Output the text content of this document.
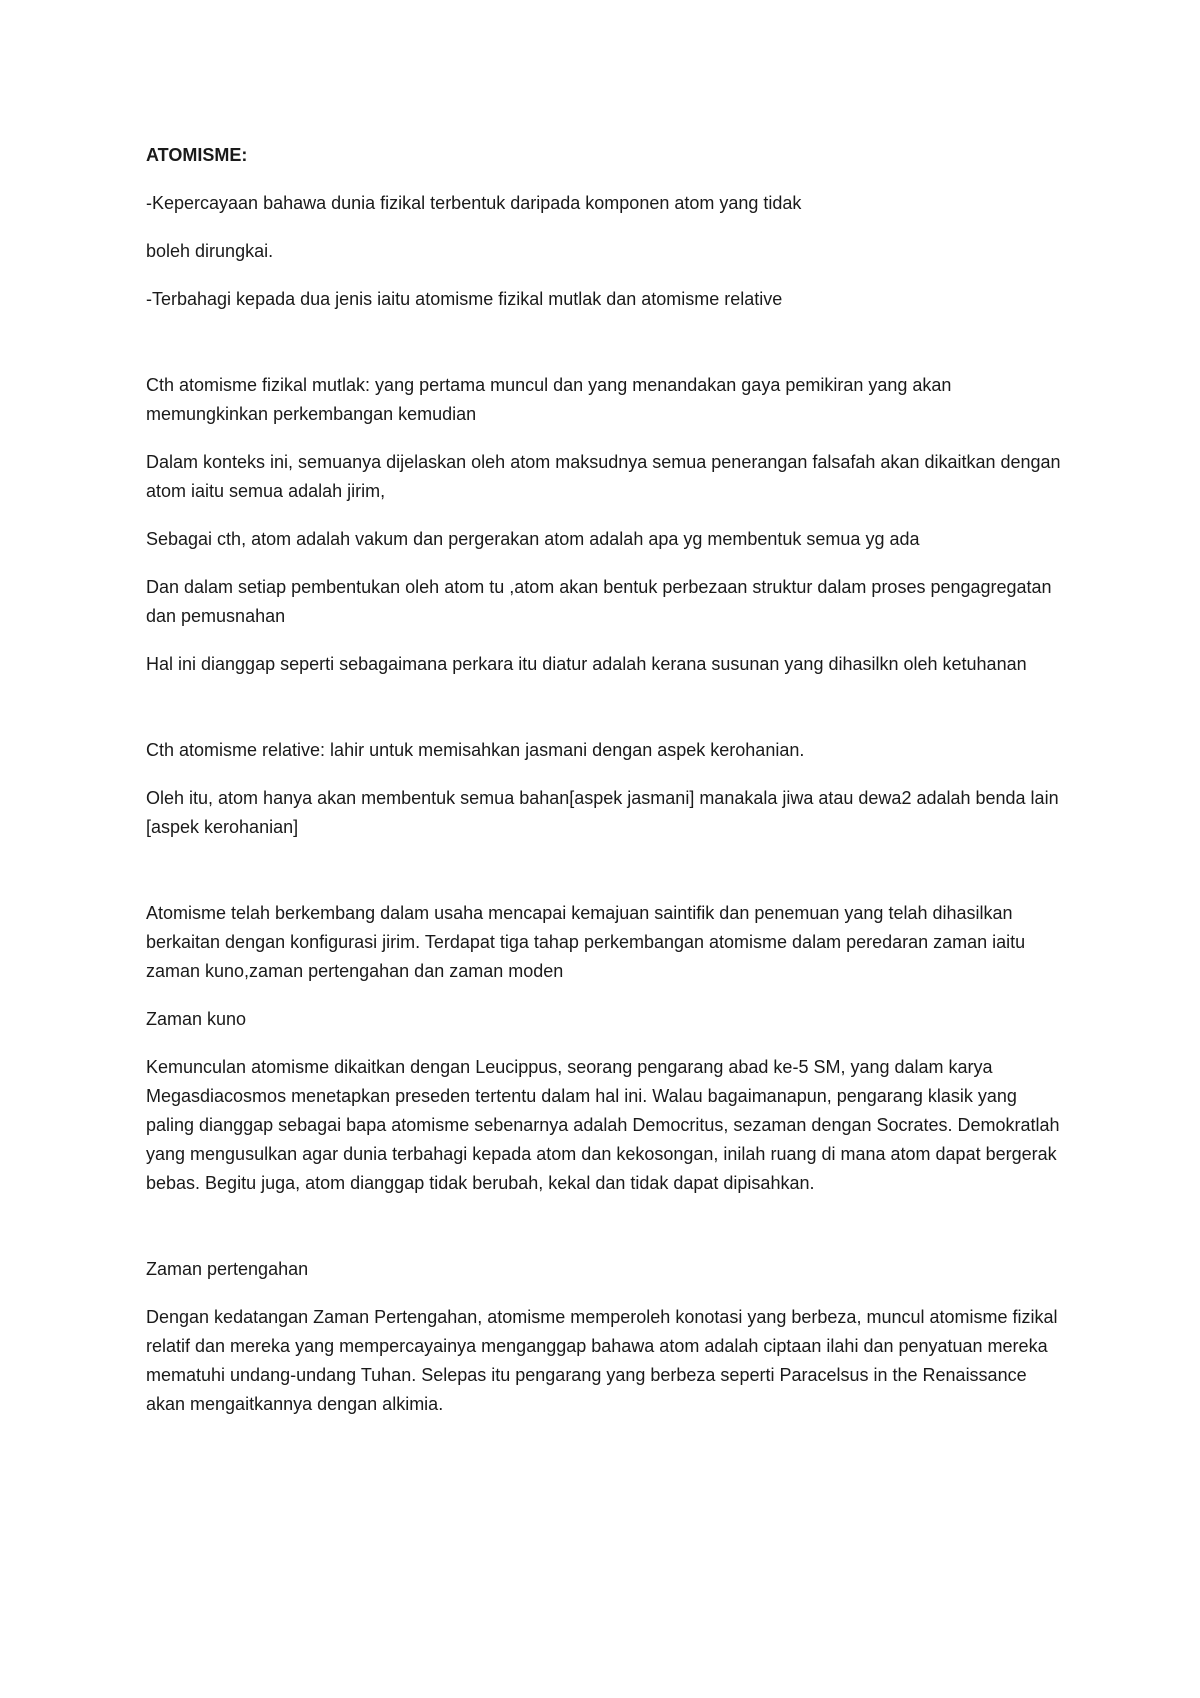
ATOMISME:

-Kepercayaan bahawa dunia fizikal terbentuk daripada komponen atom yang tidak

boleh dirungkai.

-Terbahagi kepada dua jenis iaitu atomisme fizikal mutlak dan atomisme relative

Cth atomisme fizikal mutlak: yang pertama muncul dan yang menandakan gaya pemikiran yang akan memungkinkan perkembangan kemudian

Dalam konteks ini, semuanya dijelaskan oleh atom maksudnya semua penerangan falsafah akan dikaitkan dengan atom iaitu semua adalah jirim,

Sebagai cth, atom adalah vakum dan pergerakan atom adalah apa yg membentuk semua yg ada

Dan dalam setiap pembentukan oleh atom tu ,atom akan bentuk perbezaan struktur dalam proses pengagregatan dan pemusnahan

Hal ini dianggap seperti sebagaimana perkara itu diatur adalah kerana susunan yang dihasilkn oleh ketuhanan

Cth atomisme relative: lahir untuk memisahkan jasmani dengan aspek kerohanian.

Oleh itu, atom hanya akan membentuk semua bahan[aspek jasmani] manakala jiwa atau dewa2 adalah benda lain [aspek kerohanian]

Atomisme telah berkembang dalam usaha mencapai kemajuan saintifik dan penemuan yang telah dihasilkan berkaitan dengan konfigurasi jirim. Terdapat tiga tahap perkembangan atomisme dalam peredaran zaman iaitu zaman kuno,zaman pertengahan dan zaman moden

Zaman kuno

Kemunculan atomisme dikaitkan dengan Leucippus, seorang pengarang abad ke-5 SM, yang dalam karya Megasdiacosmos menetapkan preseden tertentu dalam hal ini. Walau bagaimanapun, pengarang klasik yang paling dianggap sebagai bapa atomisme sebenarnya adalah Democritus, sezaman dengan Socrates. Demokratlah yang mengusulkan agar dunia terbahagi kepada atom dan kekosongan, inilah ruang di mana atom dapat bergerak bebas. Begitu juga, atom dianggap tidak berubah, kekal dan tidak dapat dipisahkan.

Zaman pertengahan

Dengan kedatangan Zaman Pertengahan, atomisme memperoleh konotasi yang berbeza, muncul atomisme fizikal relatif dan mereka yang mempercayainya menganggap bahawa atom adalah ciptaan ilahi dan penyatuan mereka mematuhi undang-undang Tuhan. Selepas itu pengarang yang berbeza seperti Paracelsus in the Renaissance akan mengaitkannya dengan alkimia.
